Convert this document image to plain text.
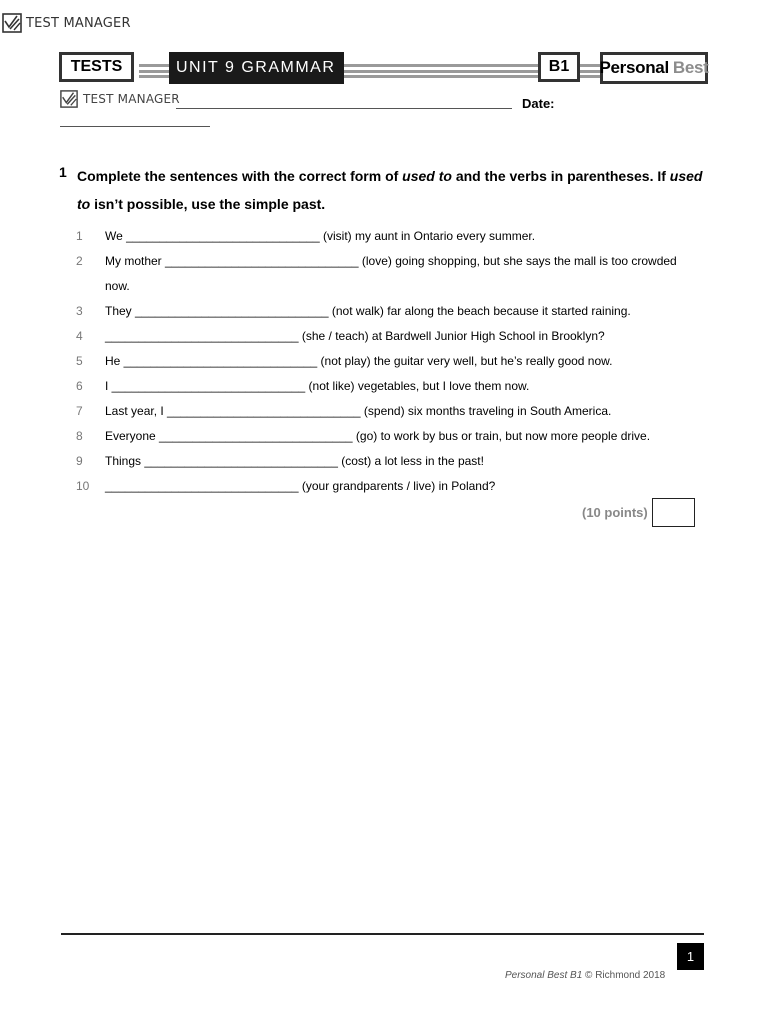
TEST MANAGER
TESTS	UNIT 9 GRAMMAR	B1	Personal Best
TEST MANAGER	Date:
1 Complete the sentences with the correct form of used to and the verbs in parentheses. If used to isn’t possible, use the simple past.
1	We _____________________________ (visit) my aunt in Ontario every summer.
2	My mother _____________________________ (love) going shopping, but she says the mall is too crowded now.
3	They _____________________________ (not walk) far along the beach because it started raining.
4	_____________________________ (she / teach) at Bardwell Junior High School in Brooklyn?
5	He _____________________________ (not play) the guitar very well, but he’s really good now.
6	I _____________________________ (not like) vegetables, but I love them now.
7	Last year, I _____________________________ (spend) six months traveling in South America.
8	Everyone _____________________________ (go) to work by bus or train, but now more people drive.
9	Things _____________________________ (cost) a lot less in the past!
10	_____________________________ (your grandparents / live) in Poland?
(10 points)
1
Personal Best B1 © Richmond 2018
